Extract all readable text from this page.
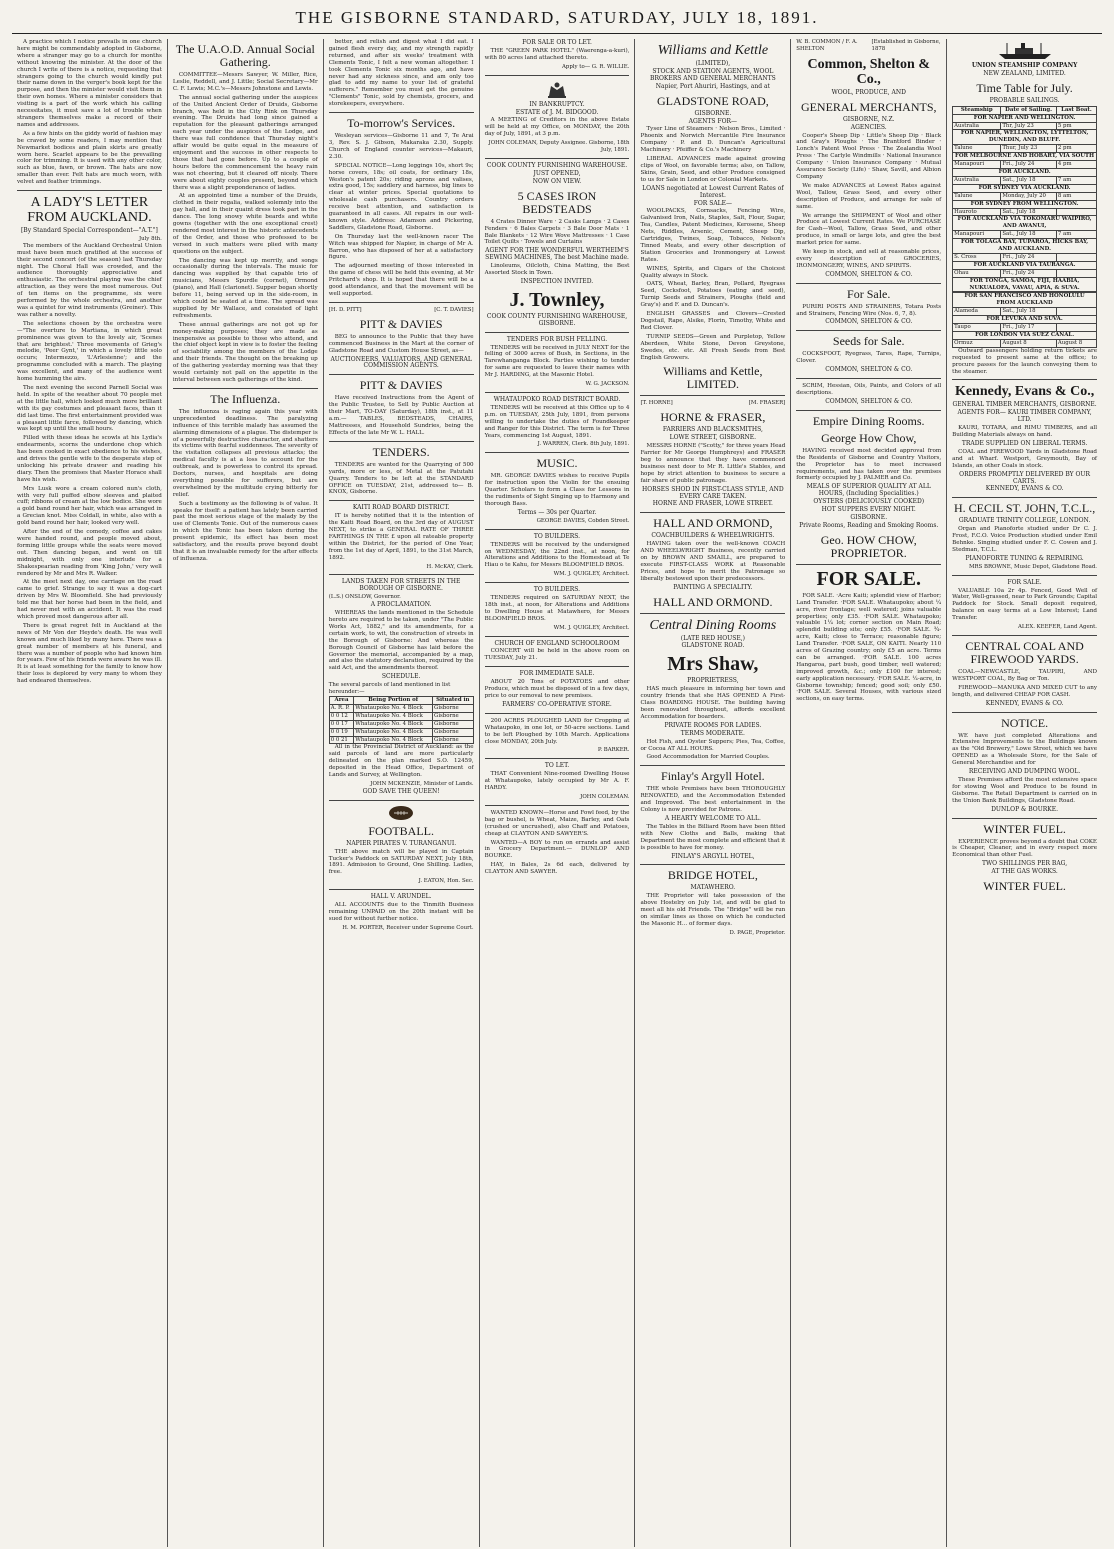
THE GISBORNE STANDARD, SATURDAY, JULY 18, 1891.

A practice which I notice prevails in one church here might be commendably adopted in Gisborne, where a stranger may go to a church for months without knowing the minister. At the door of the church I write of there is a notice, requesting that strangers going to the church would kindly put their name down in the verger's book kept for the purpose, and then the minister would visit them in their own homes. Where a minister considers that visiting is a part of the work which his calling necessitates, it must save a lot of trouble when strangers themselves make a record of their names and addresses.

As a few hints on the giddy world of fashion may be craved by some readers, I may mention that Newmarket bodices and plain skirts are greatly worn here. Scarlet appears to be the prevailing color for trimming. It is used with any other color, such as blue, fawn, or brown. The hats are now smaller than ever. Felt hats are much worn, with velvet and feather trimmings.

A LADY'S LETTER FROM AUCKLAND.
[By Standard Special Correspondent—"A.T."]
July 8th.

The members of the Auckland Orchestral Union must have been much gratified at the success of their second concert (of the season) last Thursday night. The Choral Hall was crowded, and the audience thoroughly appreciative and enthusiastic. The orchestral playing was the chief attraction, as they were the most numerous. Out of ten items on the programme, six were performed by the whole orchestra, and another was a quintet for wind instruments (Greiner). This was rather a novelty.

The selections chosen by the orchestra were—"The overture to Martiana, in which great prominence was given to the lovely air, 'Scenes that are brightest.' Three movements of Grieg's melodie, 'Peer Gynt,' in which a lovely little solo occurs; Intermezzo, 'L'Arlesienne'; and the programme concluded with a march. The playing was excellent, and many of the audience went home humming the airs.

The next evening the second Parnell Social was held. In spite of the weather about 70 people met at the little hall, which looked much more brilliant with its gay costumes and pleasant faces, than it did last time. The first entertainment provided was a pleasant little farce, followed by dancing, which was kept up until the small hours.

Filled with these ideas he scowls at his Lydia's endearments, scorns the underdone chop which has been cooked in exact obedience to his wishes, and drives the gentle wife to the desperate step of unlocking his private drawer and reading his diary. Then the promises that Master Horace shall have his wish.

Mrs Lusk wore a cream colored nun's cloth, with very full puffed elbow sleeves and plaited cuff; ribbons of cream at the low bodice. She wore a gold band round her hair, which was arranged in a Grecian knot. Miss Coldall, in white, also with a gold band round her hair, looked very well.

After the end of the comedy, coffee and cakes were handed round, and people moved about, forming little groups while the seats were moved out. Then dancing began, and went on till midnight, with only one interlude for a Shakespearian reading from 'King John,' very well rendered by Mr and Mrs R. Walker.

At the meet next day, one carriage on the road came to grief. Strange to say it was a dog-cart driven by Mrs W. Bloomfield. She had previously told me that her horse had been in the field, and had never met with an accident. It was the road which proved most dangerous after all.

There is great regret felt in Auckland at the news of Mr Von der Heyde's death. He was well known and much liked by many here. There was a great number of members at his funeral, and there was a number of people who had known him for years. Few of his friends were aware he was ill. It is at least something for the family to know how their loss is deplored by very many to whom they had endeared themselves.

The U.A.O.D. Annual Social Gathering.

COMMITTEE—Messrs Sawyer, W. Miller, Rice, Leslie, Reddell, and J. Little; Social Secretary—Mr C. F. Lewis; M.C.'s—Messrs Johnstone and Lewis.

The annual social gathering under the auspices of the United Ancient Order of Druids, Gisborne branch, was held in the City Rink on Thursday evening. The Druids had long since gained a reputation for the pleasant gatherings arranged each year under the auspices of the Lodge, and there was full confidence that Thursday night's affair would be quite equal in the measure of enjoyment and the success in other respects to those that had gone before. Up to a couple of hours before the commencement the heavy rain was not cheering, but it cleared off nicely. There were about eighty couples present, beyond which there was a slight preponderance of ladies.

At an appointed time a number of the Druids, clothed in their regalia, walked solemnly into the gay hall, and in their quaint dress took part in the dance. The long snowy white beards and white gowns (together with the one exceptional crest) rendered most interest in the historic antecedents of the Order, and those who professed to be versed in such matters were plied with many questions on the subject.

The dancing was kept up merrily, and songs occasionally during the intervals. The music for dancing was supplied by that capable trio of musicians, Messrs Spurdle (cornet), Ormond (piano), and Hall (clarionet). Supper began shortly before 11, being served up in the side-room, in which could be seated at a time. The spread was supplied by Mr Wallace, and consisted of light refreshments.

These annual gatherings are not got up for money-making purposes; they are made as inexpensive as possible to those who attend, and the chief object kept in view is to foster the feeling of sociability among the members of the Lodge and their friends. The thought on the breaking up of the gathering yesterday morning was that they would certainly not pall on the appetite in the interval between such gatherings of the kind.

The Influenza.

The influenza is raging again this year with unprecedented deadliness. The paralyzing influence of this terrible malady has assumed the alarming dimensions of a plague. The distemper is of a powerfully destructive character, and shatters its victims with fearful suddenness. The severity of the visitation collapses all previous attacks; the medical faculty is at a loss to account for the outbreak, and is powerless to control its spread. Doctors, nurses, and hospitals are doing everything possible for sufferers, but are overwhelmed by the multitude crying bitterly for relief.

Such a testimony as the following is of value. It speaks for itself: a patient has lately been carried past the most serious stage of the malady by the use of Clements Tonic. Out of the numerous cases in which the Tonic has been taken during the present epidemic, its effect has been most satisfactory, and the results prove beyond doubt that it is an invaluable remedy for the after effects of influenza.

better, and relish and digest what I did eat. I gained flesh every day, and my strength rapidly returned, and after six weeks' treatment with Clements Tonic, I felt a new woman altogether. I took Clements Tonic six months ago, and have never had any sickness since, and am only too glad to add my name to your list of grateful sufferers." Remember you must get the genuine "Clements" Tonic, sold by chemists, grocers, and storekeepers, everywhere.

To-morrow's Services.

Wesleyan services—Gisborne 11 and 7, Te Arai 3, Rev. S. J. Gibson, Makaraka 2.30, Supply. Church of England counter services—Makauri, 2.30.

SPECIAL NOTICE—Long leggings 10s, short 9s; horse covers, 18s; oil coats, for ordinary 18s, Weston's patent 20s; riding aprons and valises, extra good, 15s; saddlery and harness, big lines to clear at winter prices. Special quotations to wholesale cash purchasers. Country orders receive best attention, and satisfaction is guaranteed in all cases. All repairs in our well-known style. Address: Adamson and Pickering, Saddlers, Gladstone Road, Gisborne.

On Thursday last the well-known racer The Witch was shipped for Napier, in charge of Mr A. Barron, who has disposed of her at a satisfactory figure.

The adjourned meeting of those interested in the game of chess will be held this evening, at Mr Pritchard's shop. It is hoped that there will be a good attendance, and that the movement will be well supported.

[H. D. PITT]	[C. T. DAVIES]
PITT & DAVIES

BEG to announce to the Public that they have commenced Business in the Mart at the corner of Gladstone Road and Custom House Street, as—

AUCTIONEERS, VALUATORS, AND GENERAL COMMISSION AGENTS.
PITT & DAVIES

Have received Instructions from the Agent of the Public Trustee, to Sell by Public Auction at their Mart, TO-DAY (Saturday), 18th inst., at 11 a.m.— TABLES, BEDSTEADS, CHAIRS, Mattresses, and Household Sundries, being the Effects of the late Mr W. L. HALL.

TENDERS.

TENDERS are wanted for the Quarrying of 500 yards, more or less, of Metal at the Patutahi Quarry. Tenders to be left at the STANDARD OFFICE on TUESDAY, 21st, addressed to— B. KNOX, Gisborne.

KAITI ROAD BOARD DISTRICT.

IT is hereby notified that it is the intention of the Kaiti Road Board, on the 3rd day of AUGUST NEXT, to strike a GENERAL RATE OF THREE FARTHINGS IN THE £ upon all rateable property within the District, for the period of One Year, from the 1st day of April, 1891, to the 31st March, 1892.

H. McKAY, Clerk.
LANDS TAKEN FOR STREETS IN THE BOROUGH OF GISBORNE.
(L.S.) ONSLOW, Governor.
A PROCLAMATION.

WHEREAS the lands mentioned in the Schedule hereto are required to be taken, under "The Public Works Act, 1882," and its amendments, for a certain work, to wit, the construction of streets in the Borough of Gisborne: And whereas the Borough Council of Gisborne has laid before the Governor the memorial, accompanied by a map, and also the statutory declaration, required by the said Act, and the amendments thereof.

SCHEDULE.
The several parcels of land mentioned in list hereunder:—
Area	Being Portion of	Situated in
A. R. P.	Whataupoko No. 4 Block	Gisborne
0 0 12	Whataupoko No. 4 Block	Gisborne
0 0 17	Whataupoko No. 4 Block	Gisborne
0 0 19	Whataupoko No. 4 Block	Gisborne
0 0 21	Whataupoko No. 4 Block	Gisborne

All in the Provincial District of Auckland: as the said parcels of land are more particularly delineated on the plan marked S.O. 12459, deposited in the Head Office, Department of Lands and Survey, at Wellington.

JOHN MCKENZIE, Minister of Lands.
GOD SAVE THE QUEEN!
FOOTBALL.
NAPIER PIRATES V. TURANGANUI.

THE above match will be played in Captain Tucker's Paddock on SATURDAY NEXT, July 18th, 1891. Admission to Ground, One Shilling. Ladies, free.

J. EATON, Hon. Sec.
HALL V. ARUNDEL.

ALL ACCOUNTS due to the Tinmith Business remaining UNPAID on the 20th instant will be sued for without further notice.

H. M. PORTER, Receiver under Supreme Court.
FOR SALE OR TO LET.

THE "GREEN PARK HOTEL" (Waerenga-a-kuri), with 80 acres land attached thereto.

Apply to— G. R. WILLIE.
IN BANKRUPTCY.
ESTATE of J. M. BIDGOOD.

A MEETING of Creditors in the above Estate will be held at my Office, on MONDAY, the 20th day of July, 1891, at 3 p.m.

JOHN COLEMAN, Deputy Assignee. Gisborne, 18th July, 1891.
COOK COUNTY FURNISHING WAREHOUSE.
JUST OPENED,
NOW ON VIEW.
5 CASES IRON BEDSTEADS

4 Crates Dinner Ware · 2 Casks Lamps · 2 Cases Fenders · 6 Bales Carpets · 3 Bale Door Mats · 1 Bale Blankets · 12 Wire Wove Mattresses · 1 Case Toilet Quilts · Towels and Curtains

AGENT FOR THE WONDERFUL WERTHEIM'S SEWING MACHINES, The best Machine made.

Linoleums, Oilcloth, China Matting, the Best Assorted Stock in Town.

INSPECTION INVITED.
J. Townley,
COOK COUNTY FURNISHING WAREHOUSE, GISBORNE.
TENDERS FOR BUSH FELLING.

TENDERS will be received in JULY NEXT for the felling of 3000 acres of Bush, in Sections, in the Tarewhanganga Block. Parties wishing to tender for same are requested to leave their names with Mr J. HARDING, at the Masonic Hotel.

W. G. JACKSON.
WHATAUPOKO ROAD DISTRICT BOARD.

TENDERS will be received at this Office up to 4 p.m. on TUESDAY, 25th July, 1891, from persons willing to undertake the duties of Foundkeeper and Ranger for this District. The term is for Three Years, commencing 1st August, 1891.

J. WARREN, Clerk. 8th July, 1891.
MUSIC.

MR. GEORGE DAVIES wishes to receive Pupils for instruction upon the Violin for the ensuing Quarter. Scholars to form a Class for Lessons in the rudiments of Sight Singing up to Harmony and thorough Bass.

Terms — 30s per Quarter.
GEORGE DAVIES, Cobden Street.
TO BUILDERS.

TENDERS will be received by the undersigned on WEDNESDAY, the 22nd inst., at noon, for Alterations and Additions to the Homestead at Te Hiau o te Kahu, for Messrs BLOOMFIELD BROS.

WM. J. QUIGLEY, Architect.
TO BUILDERS.

TENDERS required on SATURDAY NEXT, the 18th inst., at noon, for Alterations and Additions to Dwelling House at Matawhero, for Messrs BLOOMFIELD BROS.

WM. J. QUIGLEY, Architect.
CHURCH OF ENGLAND SCHOOLROOM

CONCERT will be held in the above room on TUESDAY, July 21.

FOR IMMEDIATE SALE.

ABOUT 20 Tons of POTATOES and other Produce, which must be disposed of in a few days, price to our removal to new premises.

FARMERS' CO-OPERATIVE STORE.

200 ACRES PLOUGHED LAND for Cropping at Whataupoko, in one lot, or 50-acre sections. Land to be left Ploughed by 10th March. Applications close MONDAY, 20th July.

P. BARKER.
TO LET.

THAT Convenient Nine-roomed Dwelling House at Whataupoko, lately occupied by Mr A. F. HARDY.

JOHN COLEMAN.

WANTED KNOWN—Horse and Fowl feed, by the bag or bushel, is Wheat, Maize, Barley, and Oats (crushed or uncrushed), also Chaff and Potatoes, cheap at CLAYTON AND SAWYER'S.

WANTED—A BOY to run on errands and assist in Grocery Department.— DUNLOP AND BOURKE.

HAY, in Bales, 2s 6d each, delivered by CLAYTON AND SAWYER.

Williams and Kettle
(LIMITED),
STOCK AND STATION AGENTS, WOOL BROKERS AND GENERAL MERCHANTS
Napier, Port Ahuriri, Hastings, and at
GLADSTONE ROAD,
GISBORNE.
AGENTS FOR—

Tyser Line of Steamers · Nelson Bros., Limited · Phoenix and Norwich Mercantile Fire Insurance Company · P. and D. Duncan's Agricultural Machinery · Pfeiffer & Co.'s Machinery

LIBERAL ADVANCES made against growing clips of Wool, on favorable terms; also, on Tallow, Skins, Grain, Seed, and other Produce consigned to us for Sale in London or Colonial Markets.

LOANS negotiated at Lowest Current Rates of Interest.
FOR SALE—

WOOLPACKS, Cornsacks, Fencing Wire, Galvanised Iron, Nails, Staples, Salt, Flour, Sugar, Tea, Candles, Patent Medicines, Kerosene, Sheep Nets, Riddles, Arsenic, Cement, Sheep Dip, Cartridges, Twines, Soap, Tobacco, Nelson's Tinned Meats, and every other description of Station Groceries and Ironmongery at Lowest Rates.

WINES, Spirits, and Cigars of the Choicest Quality always in Stock.

OATS, Wheat, Barley, Bran, Pollard, Ryegrass Seed, Cocksfoot, Potatoes (eating and seed), Turnip Seeds and Strainers, Ploughs (field and Gray's) and F. and D. Duncan's.

ENGLISH GRASSES and Clovers—Crested Dogstail, Rape, Alsike, Florin, Timothy, White and Red Clover.

TURNIP SEEDS—Green and Purpletop, Yellow Aberdeen, White Stone, Devon Greystone, Swedes, etc. etc. All Fresh Seeds from Best English Growers.

Williams and Kettle, LIMITED.
[T. HORNE]	[M. FRASER]
HORNE & FRASER,
FARRIERS AND BLACKSMITHS,
LOWE STREET, GISBORNE.

MESSRS HORNE ("Scotty," for three years Head Farrier for Mr George Humphreys) and FRASER beg to announce that they have commenced business next door to Mr R. Little's Stables, and hope by strict attention to business to secure a fair share of public patronage.

HORSES SHOD IN FIRST-CLASS STYLE, AND EVERY CARE TAKEN.
HORNE AND FRASER, LOWE STREET.
HALL AND ORMOND,
COACHBUILDERS & WHEELWRIGHTS.

HAVING taken over the well-known COACH AND WHEELWRIGHT Business, recently carried on by BROWN AND SMAILL, are prepared to execute FIRST-CLASS WORK at Reasonable Prices, and hope to merit the Patronage so liberally bestowed upon their predecessors.

PAINTING A SPECIALITY.
HALL AND ORMOND.
Central Dining Rooms
(LATE RED HOUSE,)
GLADSTONE ROAD.
Mrs Shaw,
PROPRIETRESS,

HAS much pleasure in informing her town and country friends that she HAS OPENED A First-Class BOARDING HOUSE. The building having been renovated throughout, affords excellent Accommodation for boarders.

PRIVATE ROOMS FOR LADIES.
TERMS MODERATE.

Hot Fish, and Oyster Suppers; Pies, Tea, Coffee, or Cocoa AT ALL HOURS.

Good Accommodation for Married Couples.

Finlay's Argyll Hotel.

THE whole Premises have been THOROUGHLY RENOVATED, and the Accommodation Extended and Improved. The best entertainment in the Colony is now provided for Patrons.

A HEARTY WELCOME TO ALL.

The Tables in the Billiard Room have been fitted with New Cloths and Balls, making that Department the most complete and efficient that it is possible to have for money.

FINLAY'S ARGYLL HOTEL,
BRIDGE HOTEL,
MATAWHERO.

THE Proprietor will take possession of the above Hostelry on July 1st, and will be glad to meet all his old Friends. The "Bridge" will be run on similar lines as those on which he conducted the Masonic H... of former days.

D. PAGE, Proprietor.
W. B. COMMON / F. A. SHELTON
[Established in Gisborne, 1878
Common, Shelton & Co.,
WOOL, PRODUCE, AND
GENERAL MERCHANTS,
GISBORNE, N.Z.
AGENCIES.

Cooper's Sheep Dip · Little's Sheep Dip · Black and Gray's Ploughs · The Brantford Binder · Lonch's Patent Wool Press · The Zealandia Wool Press · The Carlyle Windmills · National Insurance Company · Union Insurance Company · Mutual Assurance Society (Life) · Shaw, Savill, and Albion Company

We make ADVANCES at Lowest Rates against Wool, Tallow, Grass Seed, and every other description of Produce, and arrange for sale of same.

We arrange the SHIPMENT of Wool and other Produce at Lowest Current Rates. We PURCHASE for Cash—Wool, Tallow, Grass Seed, and other produce, in small or large lots, and give the best market price for same.

We keep in stock, and sell at reasonable prices, every description of GROCERIES, IRONMONGERY, WINES, AND SPIRITS.

COMMON, SHELTON & CO.
For Sale.

PURIRI POSTS AND STRAINERS, Totara Posts and Strainers, Fencing Wire (Nos. 6, 7, 8).

COMMON, SHELTON & CO.
Seeds for Sale.

COCKSFOOT, Ryegrass, Tares, Rape, Turnips, Clover.

COMMON, SHELTON & CO.

SCRIM, Hessian, Oils, Paints, and Colors of all descriptions.

COMMON, SHELTON & CO.
Empire Dining Rooms.
George How Chow,

HAVING received most decided approval from the Residents of Gisborne and Country Visitors, the Proprietor has to meet increased requirements, and has taken over the premises formerly occupied by J. PALMER and Co.

MEALS OF SUPERIOR QUALITY AT ALL HOURS, (Including Specialities.)
OYSTERS (DELICIOUSLY COOKED)
HOT SUPPERS EVERY NIGHT.
GISBORNE.
Private Rooms, Reading and Smoking Rooms.
Geo. HOW CHOW, PROPRIETOR.
FOR SALE.

FOR SALE. ·Acre Kaiti; splendid view of Harbor; Land Transfer. ·FOR SALE. Whataupoko; about ¼ acre, river frontage; well watered; joins valuable properties; only £35. ·FOR SALE. Whataupoko; valuable 1¼ lot; corner section on Main Road; splendid building site; only £55. ·FOR SALE. ¾-acre, Kaiti; close to Terrace; reasonable figure; Land Transfer. ·FOR SALE, ON KAITI. Nearly 110 acres of Grazing country; only £5 an acre. Terms can be arranged. ·FOR SALE. 100 acres Hangaroa, part bush, good timber, well watered; improved growth, &c.; only £100 for interest; early application necessary. ·FOR SALE. ¼-acre, in Gisborne township; fenced; good soil; only £50. ·FOR SALE. Several Houses, with various sized sections, on easy terms.

UNION STEAMSHIP COMPANY
NEW ZEALAND, LIMITED.
Time Table for July.
PROBABLE SAILINGS.
Steamship	Date of Sailing.	Last Boat.
FOR NAPIER AND WELLINGTON.		
Australia	Thr, July 23	5 pm
FOR NAPIER, WELLINGTON, LYTTELTON, DUNEDIN, AND BLUFF.		
Talune	Thur, July 23	2 pm
FOR MELBOURNE AND HOBART, VIA SOUTH		
Manapouri	Fri., July 24	4 pm
FOR AUCKLAND.		
Australia	Sat., July 18	7 am
FOR SYDNEY VIA AUCKLAND.		
Talune	Monday, July 20	8 am
FOR SYDNEY FROM WELLINGTON.		
Hauroto	Sat., July 18	
FOR AUCKLAND VIA TOKOMARU WAIPIRO, AND AWANUI,		
Manapouri	Sat., July 18	7 am
FOR TOLAGA BAY, TUPAROA, HICKS BAY, AND AUCKLAND.		
S. Cross	Fri., July 24	
FOR AUCKLAND VIA TAURANGA.		
Ohau	Fri., July 24	
FOR TONGA, SAMOA, FIJI, HAABIA, NUKUALOFA, VAVAU, APIA, & SUVA.		

FOR SAN FRANCISCO AND HONOLULU FROM AUCKLAND		
Alameda	Sat., July 18	
FOR LEVUKA AND SUVA.		
Taupo	Fri., July 17	
FOR LONDON VIA SUEZ CANAL.		
Ormuz	August 8	August 8

Outward passengers holding return tickets are requested to present same at the office; to procure passes for the launch conveying them to the steamer.

Kennedy, Evans & Co.,
GENERAL TIMBER MERCHANTS, GISBORNE.
AGENTS FOR— KAURI TIMBER COMPANY, LTD.

KAURI, TOTARA, and RIMU TIMBERS, and all Building Materials always on hand.

TRADE SUPPLIED ON LIBERAL TERMS.

COAL and FIREWOOD Yards in Gladstone Road and at Wharf. Westport, Greymouth, Bay of Islands, an other Coals in stock.

ORDERS PROMPTLY DELIVERED BY OUR CARTS.
KENNEDY, EVANS & CO.
H. CECIL ST. JOHN, T.C.L.,
GRADUATE TRINITY COLLEGE, LONDON.

Organ and Pianoforte studied under Dr C. J. Frost, F.C.O. Voice Production studied under Emil Behnke. Singing studied under F. C. Cowen and J. Stedman, T.C.L.

PIANOFORTE TUNING & REPAIRING.
MRS BROWNE, Music Depot, Gladstone Road.
FOR SALE.

VALUABLE 10a 2r 4p. Fenced, Good Well of Water, Well-grassed, near to Park Grounds; Capital Paddock for Stock. Small deposit required, balance on easy terms at a Low Interest; Land Transfer.

ALEX. KEEFER, Land Agent.
CENTRAL COAL AND FIREWOOD YARDS.

COAL—NEWCASTLE, TAUPIRI, AND WESTPORT COAL, By Bag or Ton.

FIREWOOD—MANUKA AND MIXED CUT to any length, and delivered CHEAP FOR CASH.

KENNEDY, EVANS & CO.
NOTICE.

WE have just completed Alterations and Extensive Improvements to the Buildings known as the "Old Brewery," Lowe Street, which we have OPENED as a Wholesale Store, for the Sale of General Merchandise and for

RECEIVING AND DUMPING WOOL.

These Premises afford the most extensive space for stowing Wool and Produce to be found in Gisborne. The Retail Department is carried on in the Union Bank Buildings, Gladstone Road.

DUNLOP & BOURKE.
WINTER FUEL.

EXPERIENCE proves beyond a doubt that COKE is Cheaper, Cleaner, and in every respect more Economical than other Fuel.

TWO SHILLINGS PER BAG,
AT THE GAS WORKS.
WINTER FUEL.
